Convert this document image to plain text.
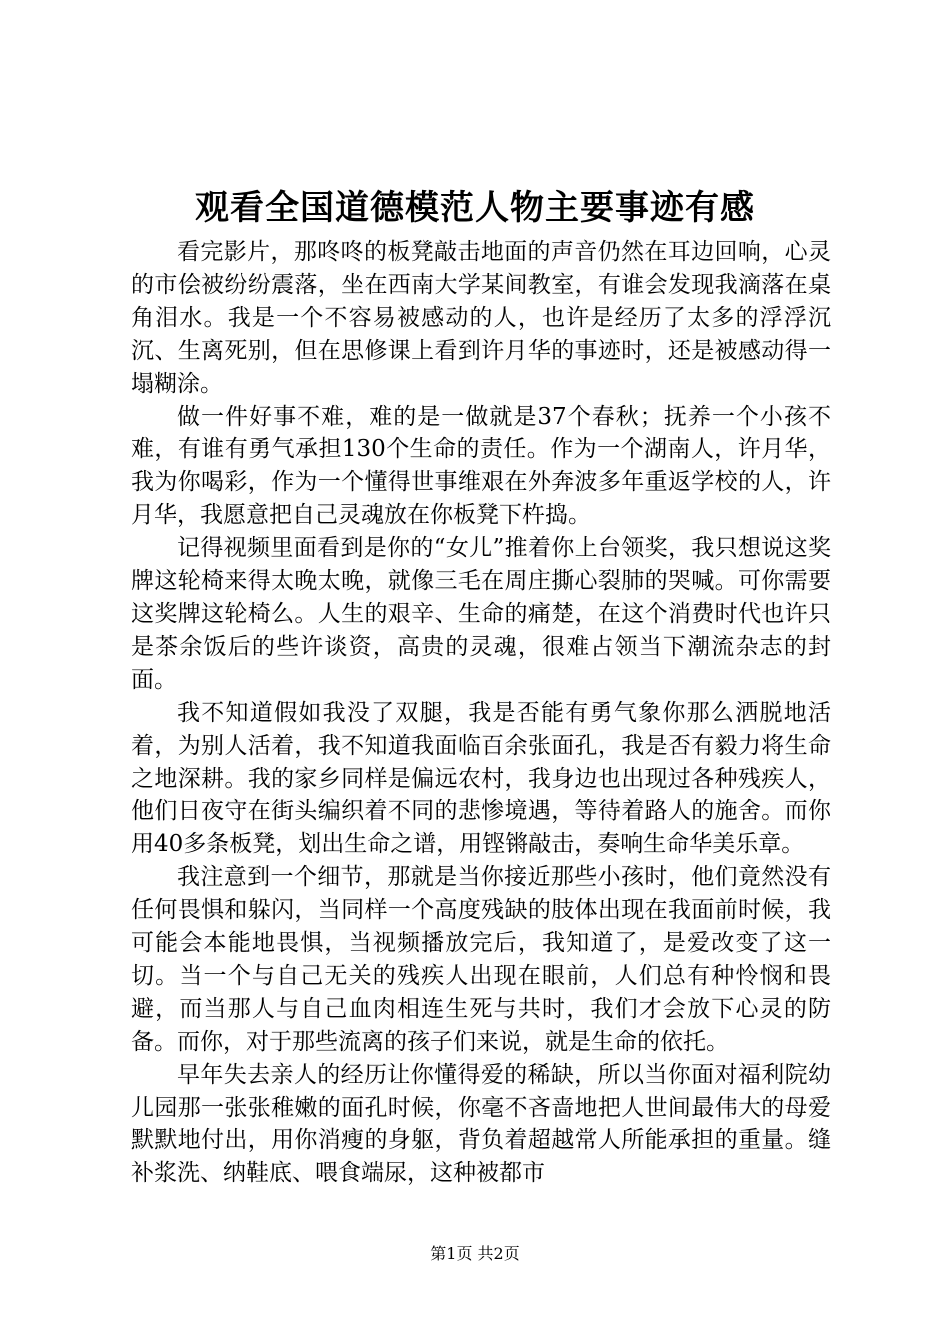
观看全国道德模范人物主要事迹有感

看完影片，那咚咚的板凳敲击地面的声音仍然在耳边回响，心灵的市侩被纷纷震落，坐在西南大学某间教室，有谁会发现我滴落在桌角泪水。我是一个不容易被感动的人，也许是经历了太多的浮浮沉沉、生离死别，但在思修课上看到许月华的事迹时，还是被感动得一塌糊涂。

做一件好事不难，难的是一做就是37个春秋；抚养一个小孩不难，有谁有勇气承担130个生命的责任。作为一个湖南人，许月华，我为你喝彩，作为一个懂得世事维艰在外奔波多年重返学校的人，许月华，我愿意把自己灵魂放在你板凳下杵捣。

记得视频里面看到是你的“女儿”推着你上台领奖，我只想说这奖牌这轮椅来得太晚太晚，就像三毛在周庄撕心裂肺的哭喊。可你需要这奖牌这轮椅么。人生的艰辛、生命的痛楚，在这个消费时代也许只是茶余饭后的些许谈资，高贵的灵魂，很难占领当下潮流杂志的封面。

我不知道假如我没了双腿，我是否能有勇气象你那么洒脱地活着，为别人活着，我不知道我面临百余张面孔，我是否有毅力将生命之地深耕。我的家乡同样是偏远农村，我身边也出现过各种残疾人，他们日夜守在街头编织着不同的悲惨境遇，等待着路人的施舍。而你用40多条板凳，划出生命之谱，用铿锵敲击，奏响生命华美乐章。

我注意到一个细节，那就是当你接近那些小孩时，他们竟然没有任何畏惧和躲闪，当同样一个高度残缺的肢体出现在我面前时候，我可能会本能地畏惧，当视频播放完后，我知道了，是爱改变了这一切。当一个与自己无关的残疾人出现在眼前，人们总有种怜悯和畏避，而当那人与自己血肉相连生死与共时，我们才会放下心灵的防备。而你，对于那些流离的孩子们来说，就是生命的依托。

早年失去亲人的经历让你懂得爱的稀缺，所以当你面对福利院幼儿园那一张张稚嫩的面孔时候，你毫不吝啬地把人世间最伟大的母爱默默地付出，用你消瘦的身躯，背负着超越常人所能承担的重量。缝补浆洗、纳鞋底、喂食端尿，这种被都市

第1页 共2页
